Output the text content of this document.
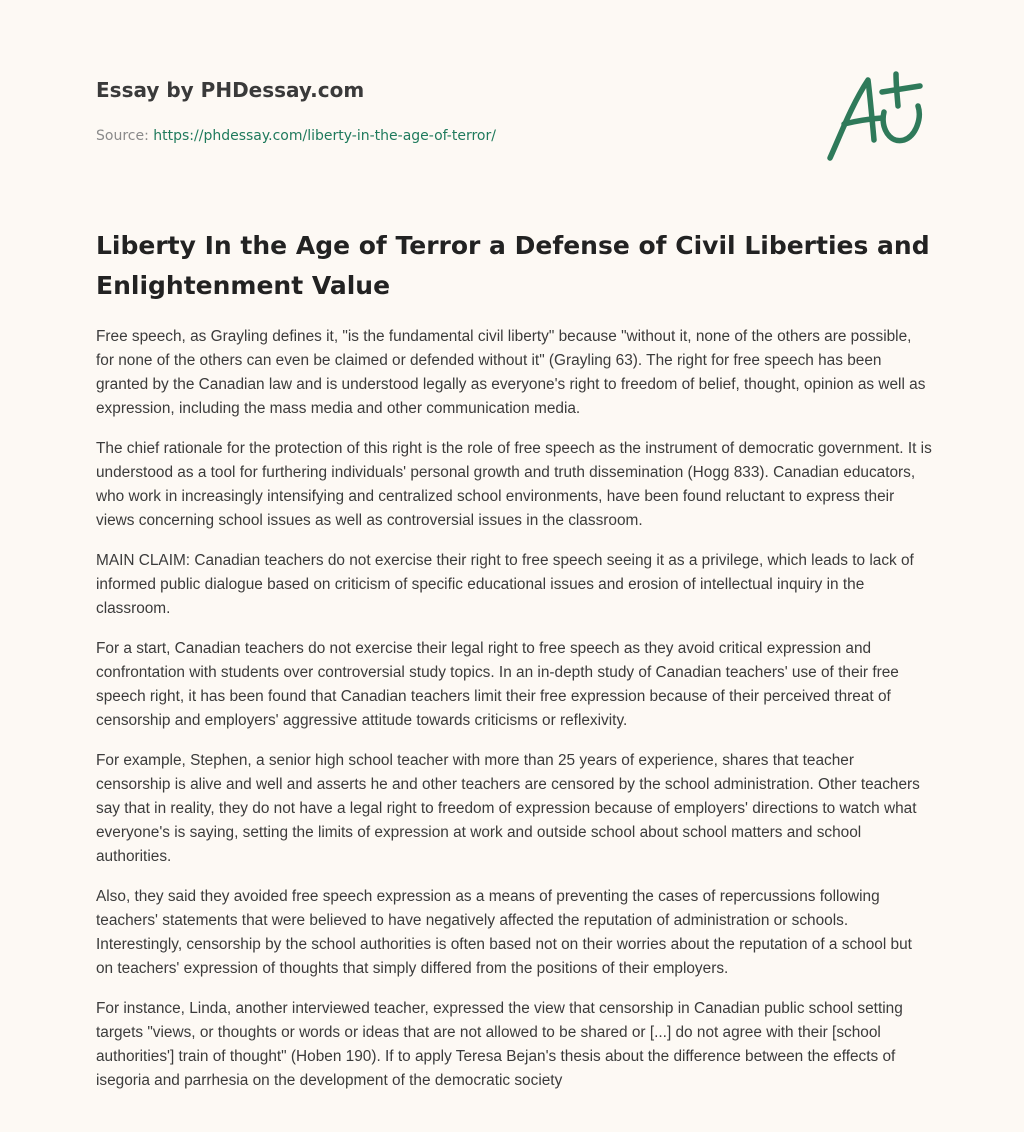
Essay by PHDessay.com
Source: https://phdessay.com/liberty-in-the-age-of-terror/
Liberty In the Age of Terror a Defense of Civil Liberties and Enlightenment Value

Free speech, as Grayling defines it, "is the fundamental civil liberty" because "without it, none of the others are possible, for none of the others can even be claimed or defended without it" (Grayling 63). The right for free speech has been granted by the Canadian law and is understood legally as everyone's right to freedom of belief, thought, opinion as well as expression, including the mass media and other communication media.

The chief rationale for the protection of this right is the role of free speech as the instrument of democratic government. It is understood as a tool for furthering individuals' personal growth and truth dissemination (Hogg 833). Canadian educators, who work in increasingly intensifying and centralized school environments, have been found reluctant to express their views concerning school issues as well as controversial issues in the classroom.

MAIN CLAIM: Canadian teachers do not exercise their right to free speech seeing it as a privilege, which leads to lack of informed public dialogue based on criticism of specific educational issues and erosion of intellectual inquiry in the classroom.

For a start, Canadian teachers do not exercise their legal right to free speech as they avoid critical expression and confrontation with students over controversial study topics. In an in-depth study of Canadian teachers' use of their free speech right, it has been found that Canadian teachers limit their free expression because of their perceived threat of censorship and employers' aggressive attitude towards criticisms or reflexivity.

For example, Stephen, a senior high school teacher with more than 25 years of experience, shares that teacher censorship is alive and well and asserts he and other teachers are censored by the school administration. Other teachers say that in reality, they do not have a legal right to freedom of expression because of employers' directions to watch what everyone's is saying, setting the limits of expression at work and outside school about school matters and school authorities.

Also, they said they avoided free speech expression as a means of preventing the cases of repercussions following teachers' statements that were believed to have negatively affected the reputation of administration or schools. Interestingly, censorship by the school authorities is often based not on their worries about the reputation of a school but on teachers' expression of thoughts that simply differed from the positions of their employers.

For instance, Linda, another interviewed teacher, expressed the view that censorship in Canadian public school setting targets "views, or thoughts or words or ideas that are not allowed to be shared or [...] do not agree with their [school authorities'] train of thought" (Hoben 190). If to apply Teresa Bejan's thesis about the difference between the effects of isegoria and parrhesia on the development of the democratic society
